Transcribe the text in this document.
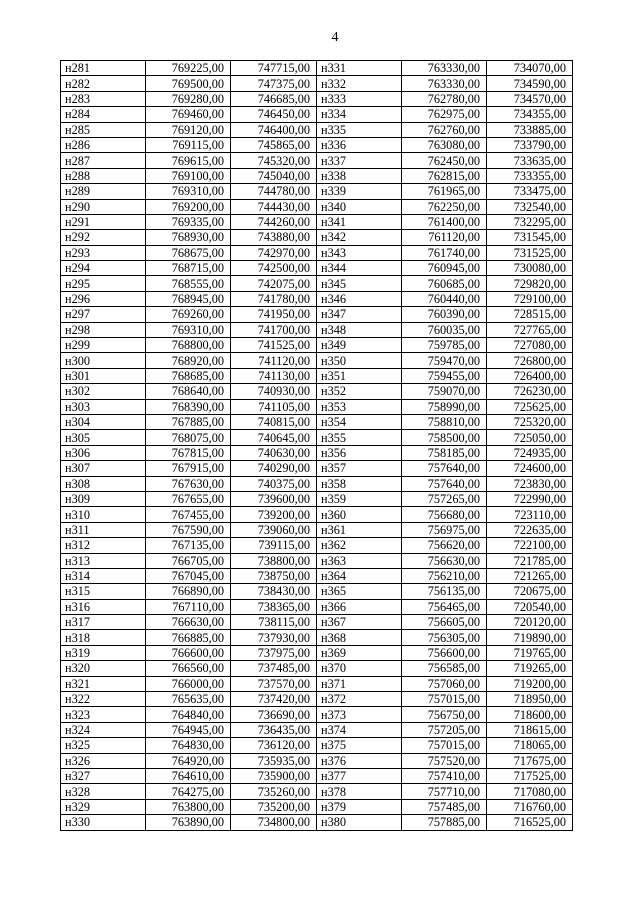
4
н281	769225,00	747715,00	н331	763330,00	734070,00
н282	769500,00	747375,00	н332	763330,00	734590,00
н283	769280,00	746685,00	н333	762780,00	734570,00
н284	769460,00	746450,00	н334	762975,00	734355,00
н285	769120,00	746400,00	н335	762760,00	733885,00
н286	769115,00	745865,00	н336	763080,00	733790,00
н287	769615,00	745320,00	н337	762450,00	733635,00
н288	769100,00	745040,00	н338	762815,00	733355,00
н289	769310,00	744780,00	н339	761965,00	733475,00
н290	769200,00	744430,00	н340	762250,00	732540,00
н291	769335,00	744260,00	н341	761400,00	732295,00
н292	768930,00	743880,00	н342	761120,00	731545,00
н293	768675,00	742970,00	н343	761740,00	731525,00
н294	768715,00	742500,00	н344	760945,00	730080,00
н295	768555,00	742075,00	н345	760685,00	729820,00
н296	768945,00	741780,00	н346	760440,00	729100,00
н297	769260,00	741950,00	н347	760390,00	728515,00
н298	769310,00	741700,00	н348	760035,00	727765,00
н299	768800,00	741525,00	н349	759785,00	727080,00
н300	768920,00	741120,00	н350	759470,00	726800,00
н301	768685,00	741130,00	н351	759455,00	726400,00
н302	768640,00	740930,00	н352	759070,00	726230,00
н303	768390,00	741105,00	н353	758990,00	725625,00
н304	767885,00	740815,00	н354	758810,00	725320,00
н305	768075,00	740645,00	н355	758500,00	725050,00
н306	767815,00	740630,00	н356	758185,00	724935,00
н307	767915,00	740290,00	н357	757640,00	724600,00
н308	767630,00	740375,00	н358	757640,00	723830,00
н309	767655,00	739600,00	н359	757265,00	722990,00
н310	767455,00	739200,00	н360	756680,00	723110,00
н311	767590,00	739060,00	н361	756975,00	722635,00
н312	767135,00	739115,00	н362	756620,00	722100,00
н313	766705,00	738800,00	н363	756630,00	721785,00
н314	767045,00	738750,00	н364	756210,00	721265,00
н315	766890,00	738430,00	н365	756135,00	720675,00
н316	767110,00	738365,00	н366	756465,00	720540,00
н317	766630,00	738115,00	н367	756605,00	720120,00
н318	766885,00	737930,00	н368	756305,00	719890,00
н319	766600,00	737975,00	н369	756600,00	719765,00
н320	766560,00	737485,00	н370	756585,00	719265,00
н321	766000,00	737570,00	н371	757060,00	719200,00
н322	765635,00	737420,00	н372	757015,00	718950,00
н323	764840,00	736690,00	н373	756750,00	718600,00
н324	764945,00	736435,00	н374	757205,00	718615,00
н325	764830,00	736120,00	н375	757015,00	718065,00
н326	764920,00	735935,00	н376	757520,00	717675,00
н327	764610,00	735900,00	н377	757410,00	717525,00
н328	764275,00	735260,00	н378	757710,00	717080,00
н329	763800,00	735200,00	н379	757485,00	716760,00
н330	763890,00	734800,00	н380	757885,00	716525,00
